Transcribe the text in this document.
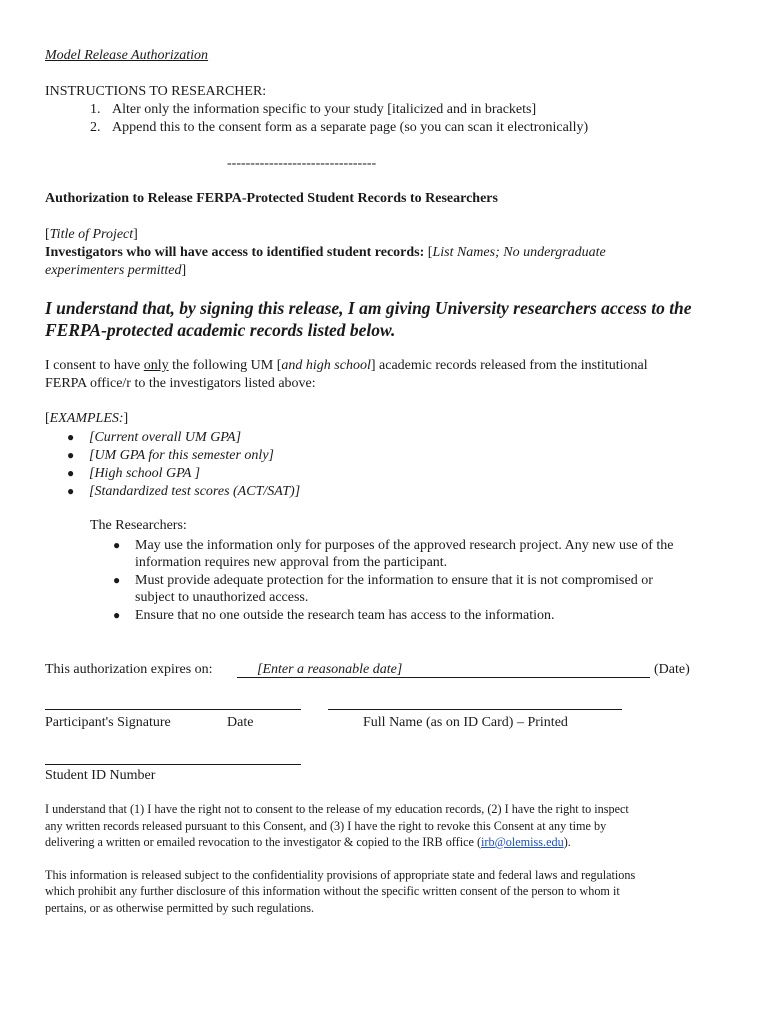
Model Release Authorization
INSTRUCTIONS TO RESEARCHER:
1. Alter only the information specific to your study [italicized and in brackets]
2. Append this to the consent form as a separate page (so you can scan it electronically)
--------------------------------
Authorization to Release FERPA-Protected Student Records to Researchers
[Title of Project]
Investigators who will have access to identified student records: [List Names; No undergraduate
experimenters permitted]
I understand that, by signing this release, I am giving University researchers access to the
FERPA-protected academic records listed below.
I consent to have only the following UM [and high school] academic records released from the institutional
FERPA office/r to the investigators listed above:
[EXAMPLES:]
● [Current overall UM GPA]
● [UM GPA for this semester only]
● [High school GPA ]
● [Standardized test scores (ACT/SAT)]
The Researchers:
● May use the information only for purposes of the approved research project. Any new use of the
information requires new approval from the participant.
● Must provide adequate protection for the information to ensure that it is not compromised or
subject to unauthorized access.
● Ensure that no one outside the research team has access to the information.
This authorization expires on:	[Enter a reasonable date]	(Date)
Participant's Signature	Date	Full Name (as on ID Card) – Printed
Student ID Number
I understand that (1) I have the right not to consent to the release of my education records, (2) I have the right to inspect
any written records released pursuant to this Consent, and (3) I have the right to revoke this Consent at any time by
delivering a written or emailed revocation to the investigator & copied to the IRB office (irb@olemiss.edu).
This information is released subject to the confidentiality provisions of appropriate state and federal laws and regulations
which prohibit any further disclosure of this information without the specific written consent of the person to whom it
pertains, or as otherwise permitted by such regulations.
